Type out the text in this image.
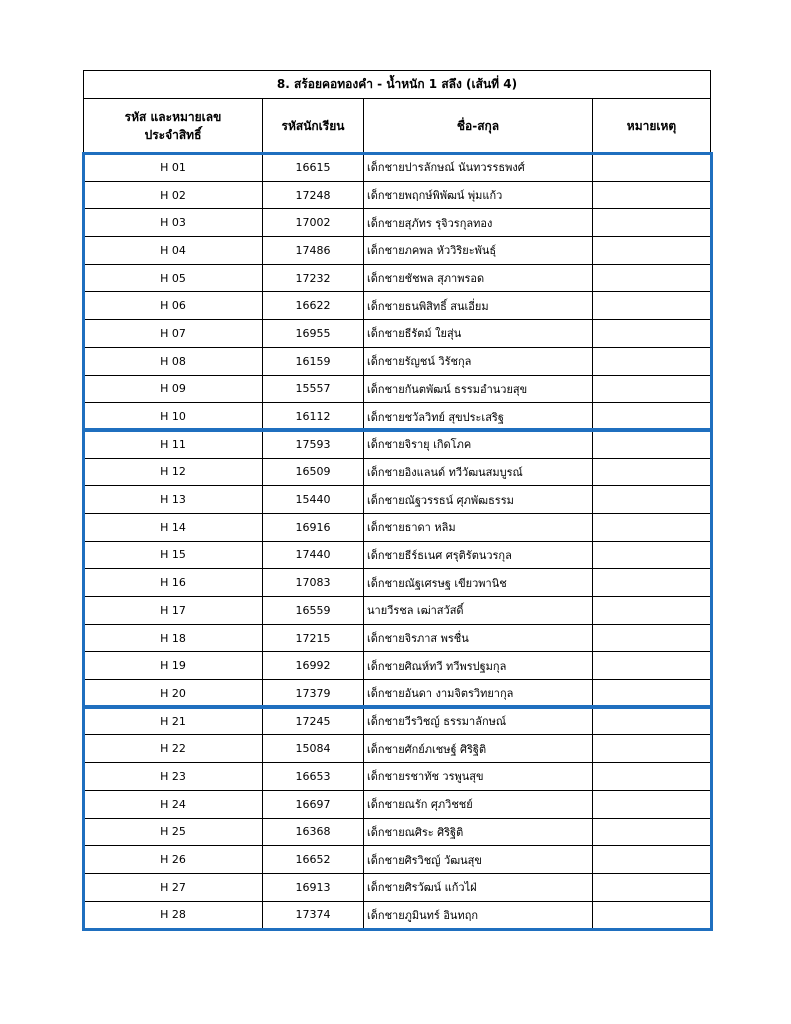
8. สร้อยคอทองคำ - น้ำหนัก 1 สลึง (เส้นที่ 4)			

รหัส และหมายเลข
ประจำสิทธิ์	รหัสนักเรียน	ชื่อ-สกุล	หมายเหตุ
H 01	16615	เด็กชายปารลักษณ์ นันทวรรธพงศ์	
H 02	17248	เด็กชายพฤกษ์พิพัฒน์ พุ่มแก้ว	
H 03	17002	เด็กชายสุภัทร รุจิวรกุลทอง	
H 04	17486	เด็กชายภคพล หัววิริยะพันธุ์	
H 05	17232	เด็กชายชัชพล สุภาพรอด	
H 06	16622	เด็กชายธนพิสิทธิ์ สนเอี่ยม	
H 07	16955	เด็กชายธีรัตม์ ใยสุ่น	
H 08	16159	เด็กชายรัญชน์ วิรัชกุล	
H 09	15557	เด็กชายกันตพัฒน์ ธรรมอำนวยสุข	
H 10	16112	เด็กชายชวัลวิทย์ สุขประเสริฐ	
H 11	17593	เด็กชายจิรายุ เกิดโภค	
H 12	16509	เด็กชายอิงแลนด์ ทวีวัฒนสมบูรณ์	
H 13	15440	เด็กชายณัฐวรรธน์ ศุภพัฒธรรม	
H 14	16916	เด็กชายธาดา หลิม	
H 15	17440	เด็กชายธีร์ธเนศ ศรุติรัตนวรกุล	
H 16	17083	เด็กชายณัฐเศรษฐ เขียวพานิช	
H 17	16559	นายวีรชล เฒ่าสวัสดิ์	
H 18	17215	เด็กชายจิรภาส พรชื่น	
H 19	16992	เด็กชายศิณห์ทวี ทวีพรปฐมกุล	
H 20	17379	เด็กชายอันดา งามจิตรวิทยากุล	
H 21	17245	เด็กชายวีรวิชญ์ ธรรมาลักษณ์	
H 22	15084	เด็กชายศักย์ภเชษฐ์ ศิริฐิติ	
H 23	16653	เด็กชายรชาทัช วรพูนสุข	
H 24	16697	เด็กชายณรัก ศุภวิชชย์	
H 25	16368	เด็กชายณศิระ ศิริฐิติ	
H 26	16652	เด็กชายศิรวิชญ์ วัฒนสุข	
H 27	16913	เด็กชายศิรวัฒน์ แก้วไฝ่	
H 28	17374	เด็กชายภูมินทร์ อินทฤก	
